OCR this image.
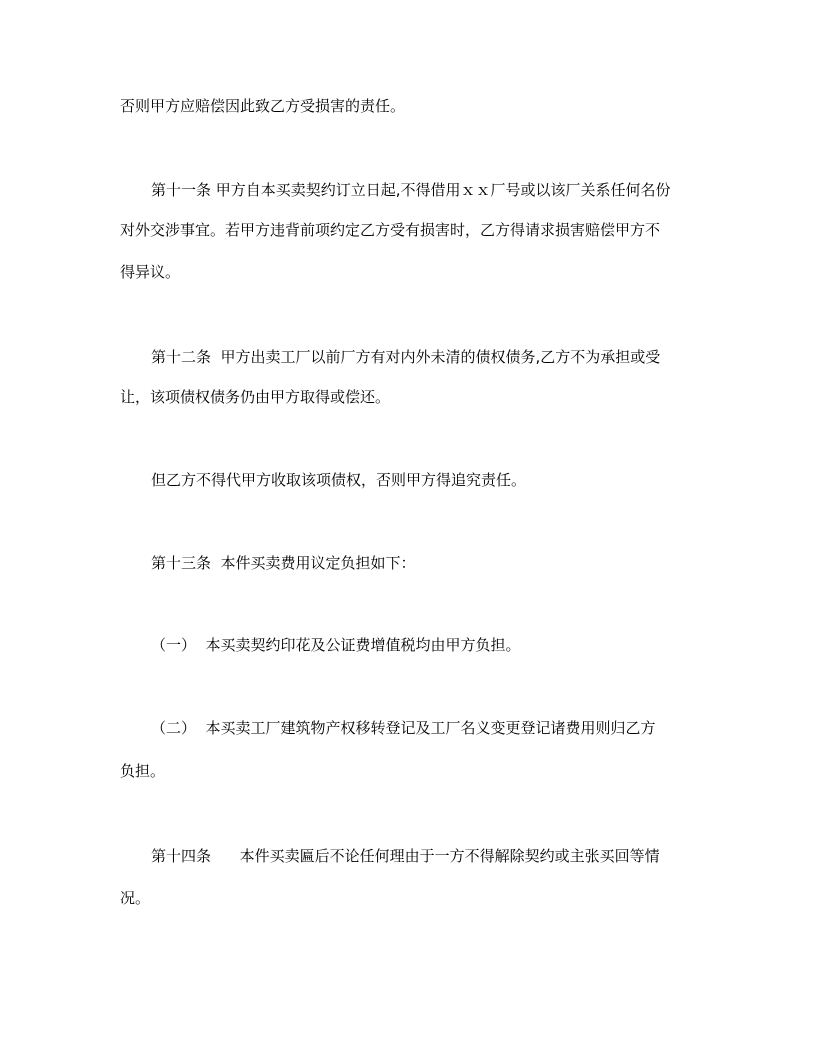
否则甲方应赔偿因此致乙方受损害的责任。
第十一条 甲方自本买卖契约订立日起,不得借用ｘｘ厂号或以该厂关系任何名份
对外交涉事宜。若甲方违背前项约定乙方受有损害时，乙方得请求损害赔偿甲方不
得异议。
第十二条  甲方出卖工厂以前厂方有对内外未清的债权债务,乙方不为承担或受
让，该项债权债务仍由甲方取得或偿还。
但乙方不得代甲方收取该项债权，否则甲方得追究责任。
第十三条  本件买卖费用议定负担如下：
（一）  本买卖契约印花及公证费增值税均由甲方负担。
（二）  本买卖工厂建筑物产权移转登记及工厂名义变更登记诸费用则归乙方
负担。
第十四条      本件买卖匾后不论任何理由于一方不得解除契约或主张买回等情
况。
